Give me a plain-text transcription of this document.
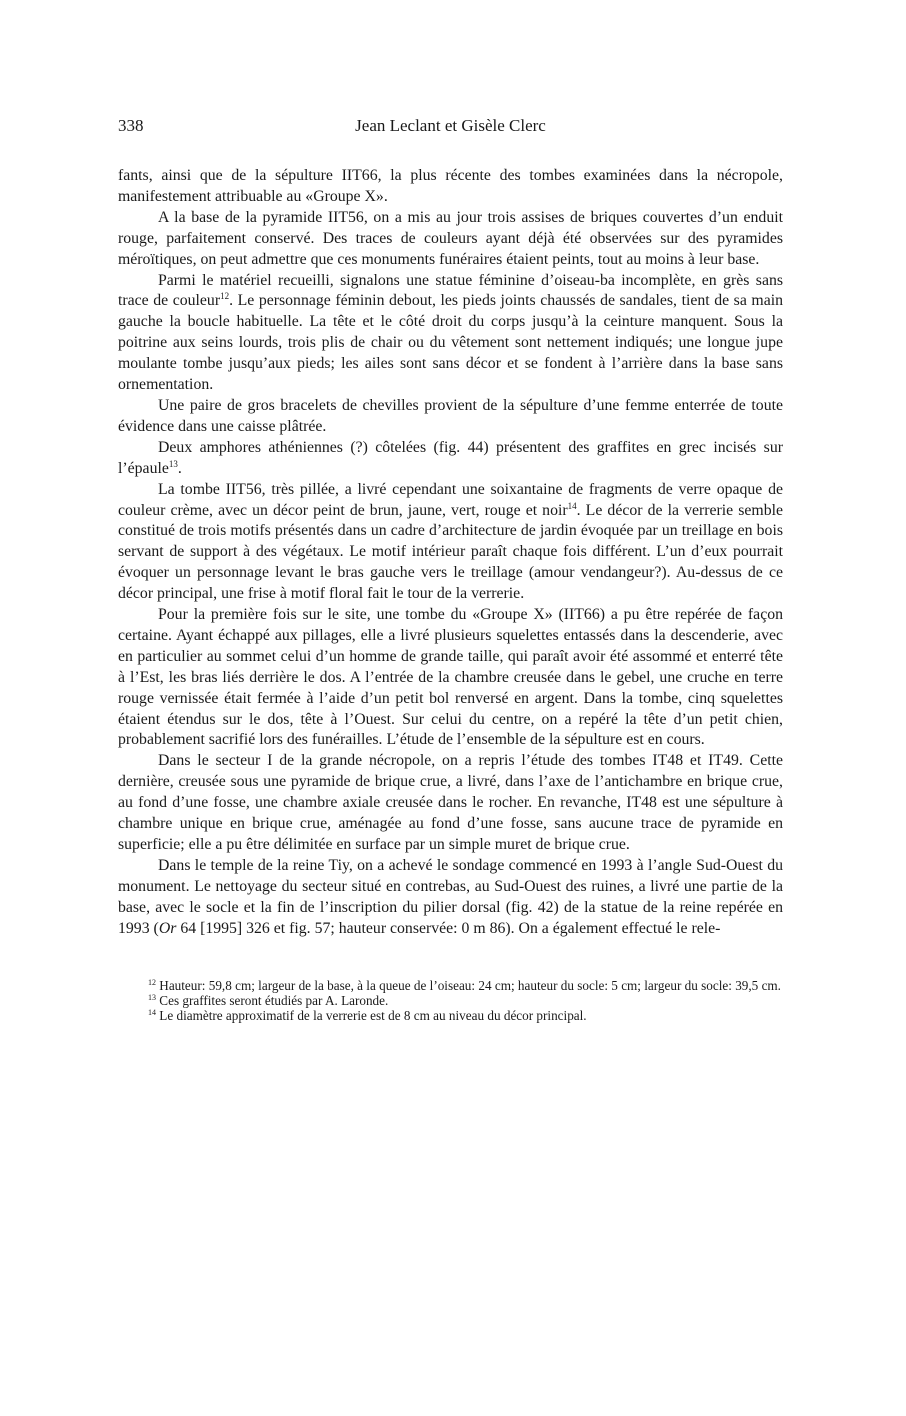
338	Jean Leclant et Gisèle Clerc

fants, ainsi que de la sépulture IIT66, la plus récente des tombes examinées dans la nécropole, manifestement attribuable au «Groupe X».

A la base de la pyramide IIT56, on a mis au jour trois assises de briques couvertes d’un enduit rouge, parfaitement conservé. Des traces de couleurs ayant déjà été observées sur des pyramides méroïtiques, on peut admettre que ces monuments funéraires étaient peints, tout au moins à leur base.

Parmi le matériel recueilli, signalons une statue féminine d’oiseau-ba incomplète, en grès sans trace de couleur$^{12}$. Le personnage féminin debout, les pieds joints chaussés de sandales, tient de sa main gauche la boucle habituelle. La tête et le côté droit du corps jusqu’à la ceinture manquent. Sous la poitrine aux seins lourds, trois plis de chair ou du vêtement sont nettement indiqués; une longue jupe moulante tombe jusqu’aux pieds; les ailes sont sans décor et se fondent à l’arrière dans la base sans ornementation.

Une paire de gros bracelets de chevilles provient de la sépulture d’une femme enterrée de toute évidence dans une caisse plâtrée.

Deux amphores athéniennes (?) côtelées (fig. 44) présentent des graffites en grec incisés sur l’épaule$^{13}$.

La tombe IIT56, très pillée, a livré cependant une soixantaine de fragments de verre opaque de couleur crème, avec un décor peint de brun, jaune, vert, rouge et noir$^{14}$. Le décor de la verrerie semble constitué de trois motifs présentés dans un cadre d’architecture de jardin évoquée par un treillage en bois servant de support à des végétaux. Le motif intérieur paraît chaque fois différent. L’un d’eux pourrait évoquer un personnage levant le bras gauche vers le treillage (amour vendangeur?). Au-dessus de ce décor principal, une frise à motif floral fait le tour de la verrerie.

Pour la première fois sur le site, une tombe du «Groupe X» (IIT66) a pu être repérée de façon certaine. Ayant échappé aux pillages, elle a livré plusieurs squelettes entassés dans la descenderie, avec en particulier au sommet celui d’un homme de grande taille, qui paraît avoir été assommé et enterré tête à l’Est, les bras liés derrière le dos. A l’entrée de la chambre creusée dans le gebel, une cruche en terre rouge vernissée était fermée à l’aide d’un petit bol renversé en argent. Dans la tombe, cinq squelettes étaient étendus sur le dos, tête à l’Ouest. Sur celui du centre, on a repéré la tête d’un petit chien, probablement sacrifié lors des funérailles. L’étude de l’ensemble de la sépulture est en cours.

Dans le secteur I de la grande nécropole, on a repris l’étude des tombes IT48 et IT49. Cette dernière, creusée sous une pyramide de brique crue, a livré, dans l’axe de l’antichambre en brique crue, au fond d’une fosse, une chambre axiale creusée dans le rocher. En revanche, IT48 est une sépulture à chambre unique en brique crue, aménagée au fond d’une fosse, sans aucune trace de pyramide en superficie; elle a pu être délimitée en surface par un simple muret de brique crue.

Dans le temple de la reine Tiy, on a achevé le sondage commencé en 1993 à l’angle Sud-Ouest du monument. Le nettoyage du secteur situé en contrebas, au Sud-Ouest des ruines, a livré une partie de la base, avec le socle et la fin de l’inscription du pilier dorsal (fig. 42) de la statue de la reine repérée en 1993 (Or 64 [1995] 326 et fig. 57; hauteur conservée: 0 m 86). On a également effectué le rele-

$^{12}$ Hauteur: 59,8 cm; largeur de la base, à la queue de l’oiseau: 24 cm; hauteur du socle: 5 cm; largeur du socle: 39,5 cm.

$^{13}$ Ces graffites seront étudiés par A. Laronde.

$^{14}$ Le diamètre approximatif de la verrerie est de 8 cm au niveau du décor principal.
